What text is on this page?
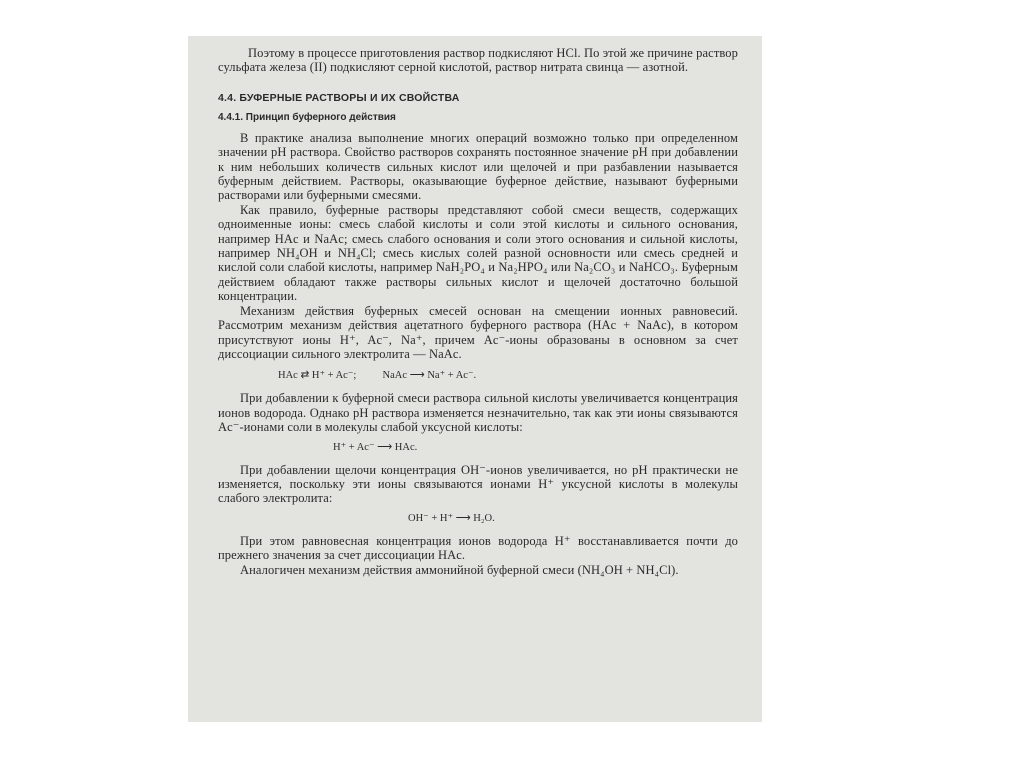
Поэтому в процессе приготовления раствор подкисляют HCl. По этой же причине раствор сульфата железа (II) подкисляют серной кислотой, раствор нитрата свинца — азотной.

4.4. БУФЕРНЫЕ РАСТВОРЫ И ИХ СВОЙСТВА
4.4.1. Принцип буферного действия

В практике анализа выполнение многих операций возможно только при определенном значении pH раствора. Свойство растворов сохранять постоянное значение pH при добавлении к ним небольших количеств сильных кислот или щелочей и при разбавлении называется буферным действием. Растворы, оказывающие буферное действие, называют буферными растворами или буферными смесями.

Как правило, буферные растворы представляют собой смеси веществ, содержащих одноименные ионы: смесь слабой кислоты и соли этой кислоты и сильного основания, например HAc и NaAc; смесь слабого основания и соли этого основания и сильной кислоты, например NH₄OH и NH₄Cl; смесь кислых солей разной основности или смесь средней и кислой соли слабой кислоты, например NaH₂PO₄ и Na₂HPO₄ или Na₂CO₃ и NaHCO₃. Буферным действием обладают также растворы сильных кислот и щелочей достаточно большой концентрации.

Механизм действия буферных смесей основан на смещении ионных равновесий. Рассмотрим механизм действия ацетатного буферного раствора (HAc + NaAc), в котором присутствуют ионы H⁺, Ac⁻, Na⁺, причем Ac⁻-ионы образованы в основном за счет диссоциации сильного электролита — NaAc.

HAc ⇄ H⁺ + Ac⁻;          NaAc ⟶ Na⁺ + Ac⁻.

При добавлении к буферной смеси раствора сильной кислоты увеличивается концентрация ионов водорода. Однако pH раствора изменяется незначительно, так как эти ионы связываются Ac⁻-ионами соли в молекулы слабой уксусной кислоты:

H⁺ + Ac⁻ ⟶ HAc.

При добавлении щелочи концентрация OH⁻-ионов увеличивается, но pH практически не изменяется, поскольку эти ионы связываются ионами H⁺ уксусной кислоты в молекулы слабого электролита:

OH⁻ + H⁺ ⟶ H₂O.

При этом равновесная концентрация ионов водорода H⁺ восстанавливается почти до прежнего значения за счет диссоциации HAc.

Аналогичен механизм действия аммонийной буферной смеси (NH₄OH + NH₄Cl).
